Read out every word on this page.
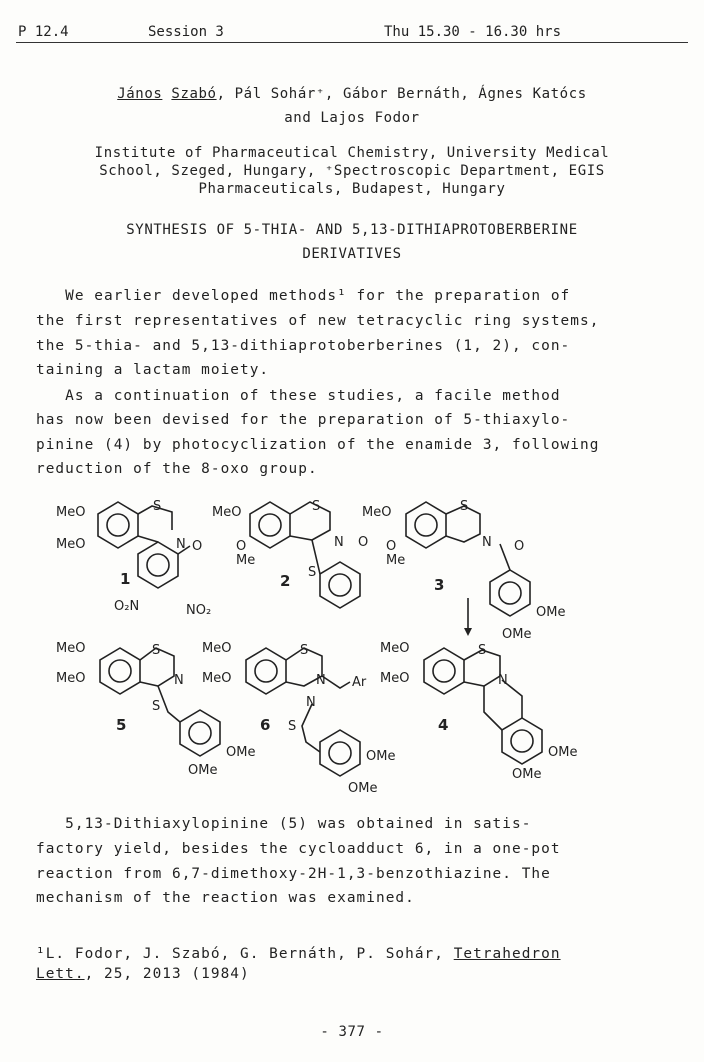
P 12.4	Session 3	Thu 15.30 - 16.30 hrs
János Szabó, Pál Sohár⁺, Gábor Bernáth, Ágnes Katócs
and Lajos Fodor
Institute of Pharmaceutical Chemistry, University Medical
School, Szeged, Hungary, ⁺Spectroscopic Department, EGIS
Pharmaceuticals, Budapest, Hungary
SYNTHESIS OF 5-THIA- AND 5,13-DITHIAPROTOBERBERINE
DERIVATIVES
We earlier developed methods¹ for the preparation of
the first representatives of new tetracyclic ring systems,
the 5-thia- and 5,13-dithiaprotoberberines (1, 2), con-
taining a lactam moiety.
As a continuation of these studies, a facile method
has now been devised for the preparation of 5-thiaxylo-
pinine (4) by photocyclization of the enamide 3, following
reduction of the 8-oxo group.
MeO
MeO
S
N O
O₂N	NO₂
1
MeO
O
Me
S
N O
S
2
MeO
O
Me
S
N O
OMe
OMe
3
MeO
MeO
S
N
S
OMe
OMe
5
MeO
MeO
S
N Ar
N
S
OMe
OMe
6
MeO
MeO
S
N
OMe
OMe
4
5,13-Dithiaxylopinine (5) was obtained in satis-
factory yield, besides the cycloadduct 6, in a one-pot
reaction from 6,7-dimethoxy-2H-1,3-benzothiazine. The
mechanism of the reaction was examined.
¹L. Fodor, J. Szabó, G. Bernáth, P. Sohár, Tetrahedron
Lett., 25, 2013 (1984)
- 377 -
